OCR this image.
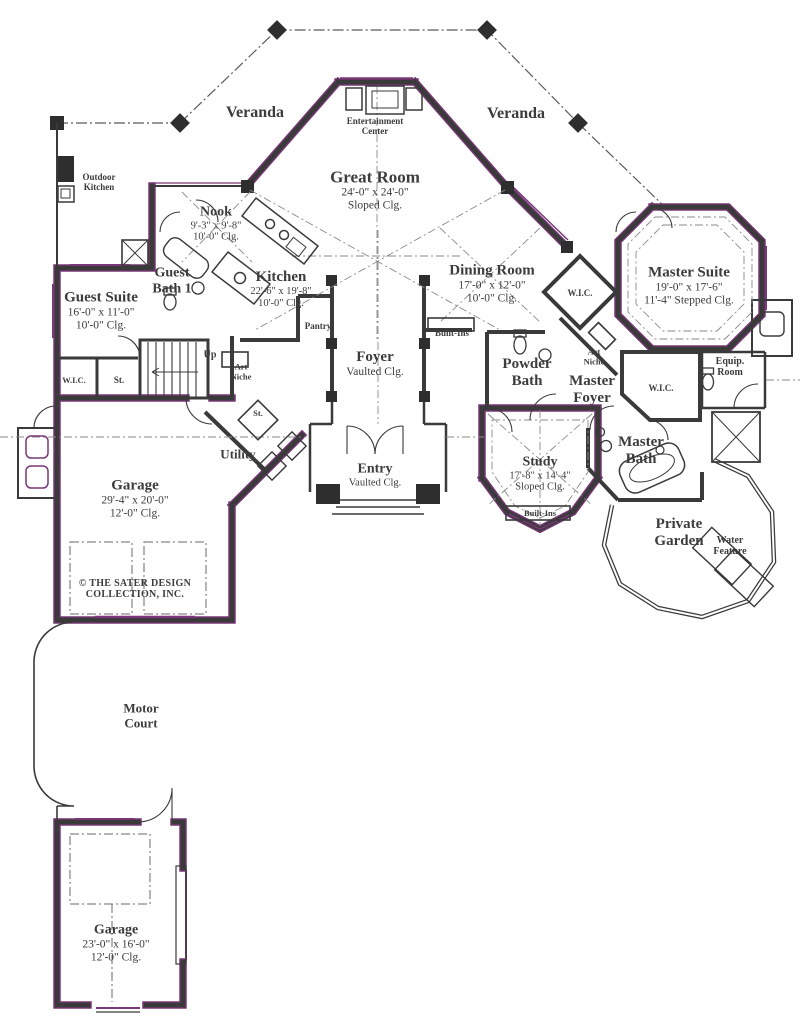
Veranda	Veranda
Entertainment Center
Great Room
24'-0" x 24'-0"
Sloped Clg.
Nook
9'-3" x 9'-8"
10'-0" Clg.
Outdoor Kitchen
Kitchen
22'-6" x 19'-8"
10'-0" Clg.
Guest Bath 1
Guest Suite
16'-0" x 11'-0"
10'-0" Clg.
Dining Room
17'-0" x 12'-0"
10'-0" Clg.	W.I.C.
Master Suite
19'-0" x 17'-6"
11'-4" Stepped Clg.
Pantry
Built-Ins
Foyer
Vaulted Clg.	Powder Bath
Art Niche
Master Foyer
W.I.C.
Equip. Room
W.I.C.	St.
Up
Art Niche
St.
Utility
Garage
29'-4" x 20'-0"
12'-0" Clg.
Entry
Vaulted Clg.
Study
17'-8" x 14'-4"
Sloped Clg.
Built-Ins
Master Bath
Private Garden	Water Feature
© THE SATER DESIGN
COLLECTION, INC.
Motor Court
Garage
23'-0" x 16'-0"
12'-0" Clg.
